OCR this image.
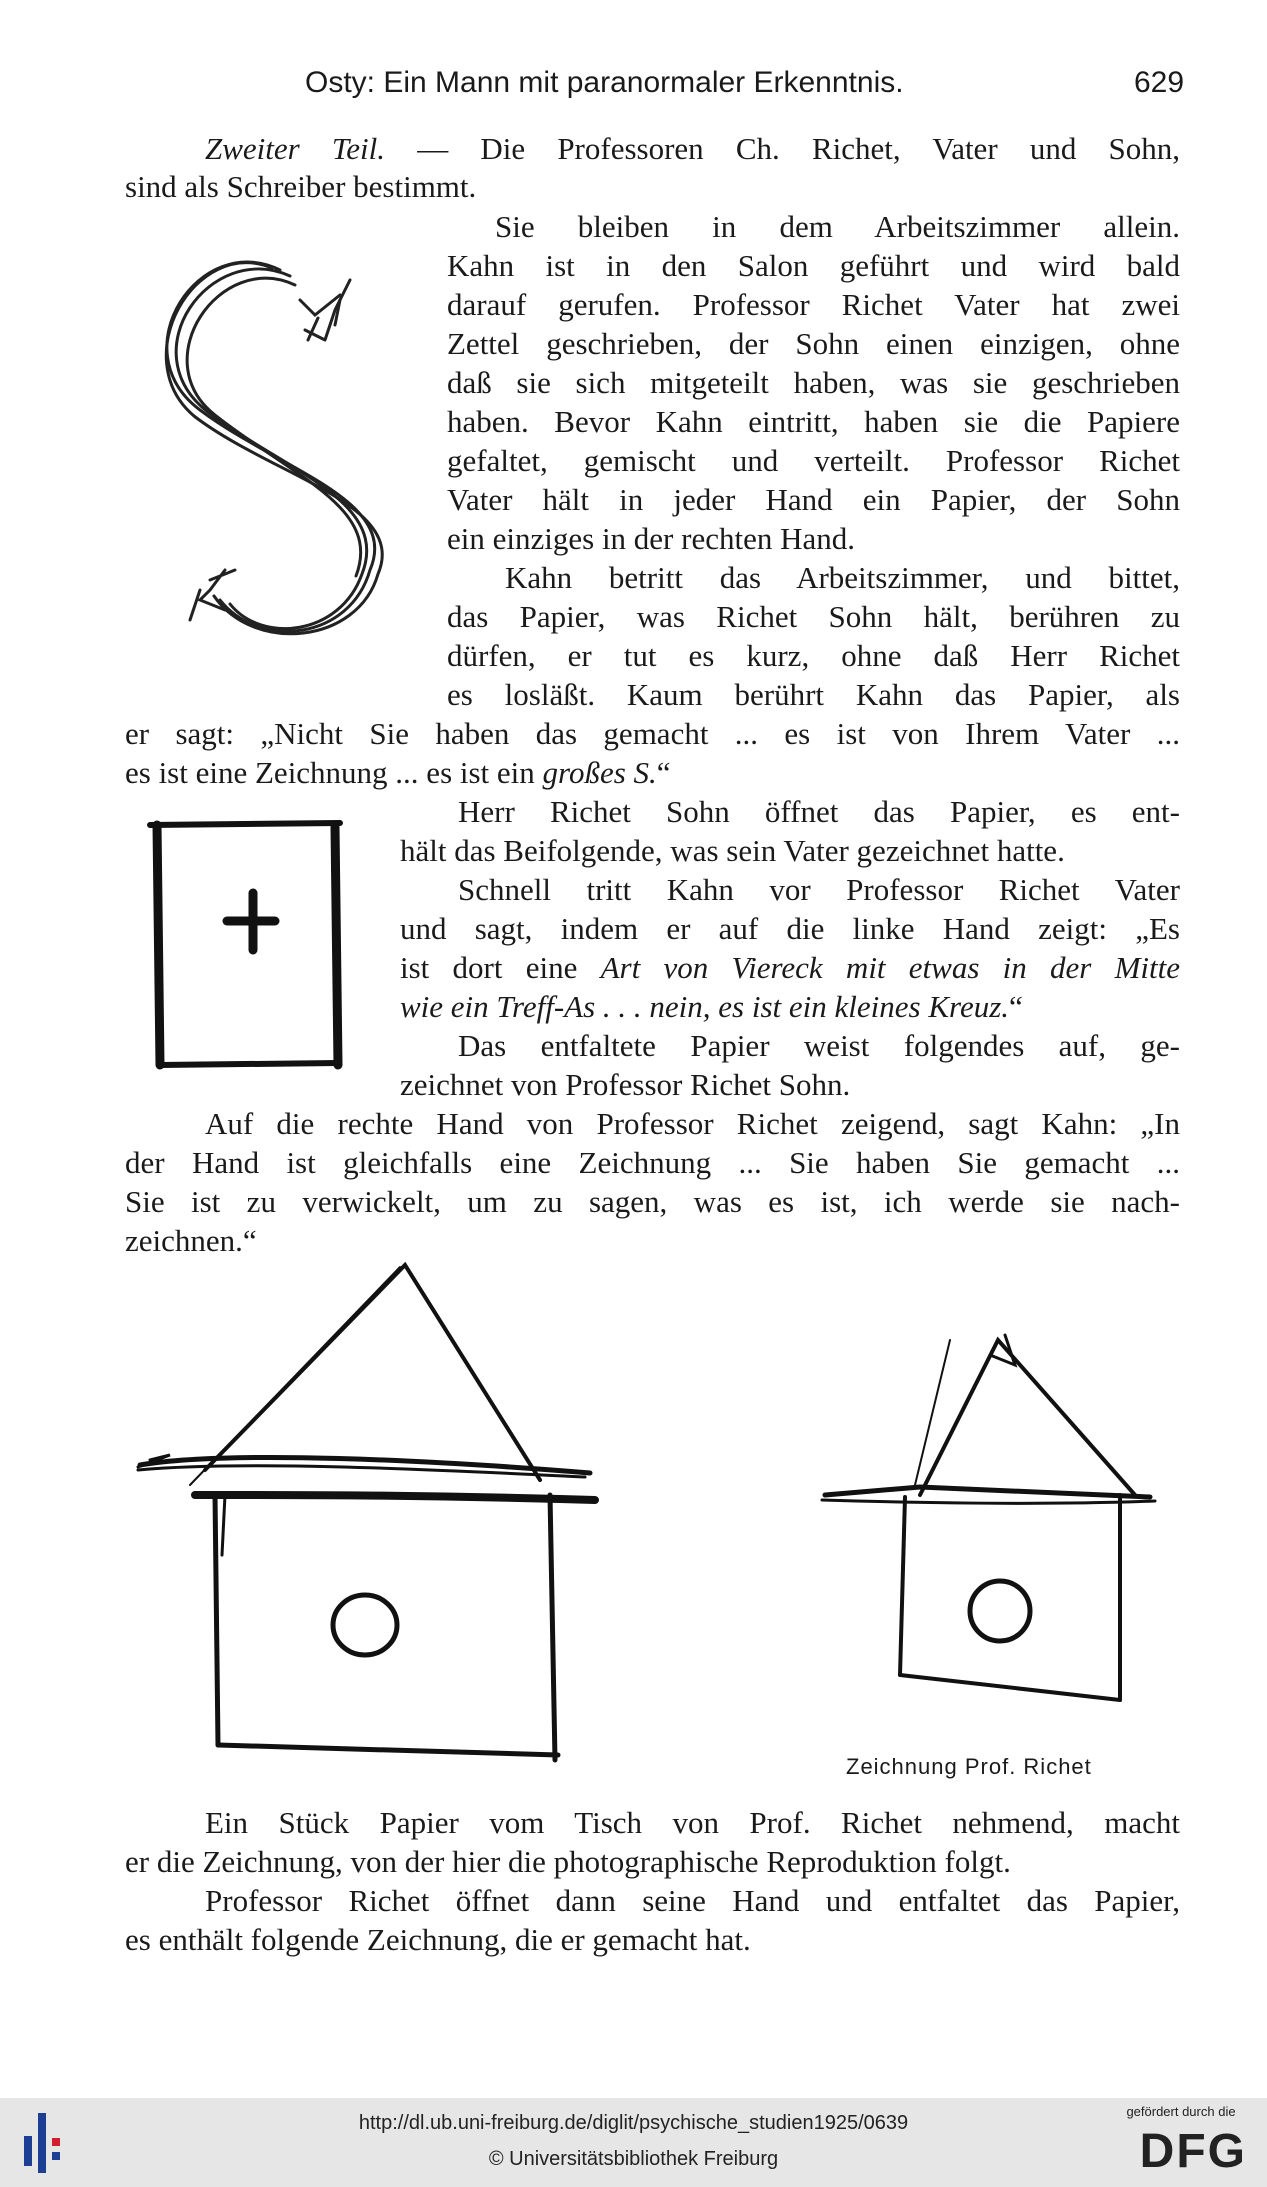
Osty: Ein Mann mit paranormaler Erkenntnis.	629
Zweiter Teil. — Die Professoren Ch. Richet, Vater und Sohn,
sind als Schreiber bestimmt.
Sie bleiben in dem Arbeitszimmer allein.
Kahn ist in den Salon geführt und wird bald
darauf gerufen. Professor Richet Vater hat zwei
Zettel geschrieben, der Sohn einen einzigen, ohne
daß sie sich mitgeteilt haben, was sie geschrieben
haben. Bevor Kahn eintritt, haben sie die Papiere
gefaltet, gemischt und verteilt. Professor Richet
Vater hält in jeder Hand ein Papier, der Sohn
ein einziges in der rechten Hand.
Kahn betritt das Arbeitszimmer, und bittet,
das Papier, was Richet Sohn hält, berühren zu
dürfen, er tut es kurz, ohne daß Herr Richet
es losläßt. Kaum berührt Kahn das Papier, als
er sagt: „Nicht Sie haben das gemacht ... es ist von Ihrem Vater ...
es ist eine Zeichnung ... es ist ein großes S.“
Herr Richet Sohn öffnet das Papier, es ent-
hält das Beifolgende, was sein Vater gezeichnet hatte.
Schnell tritt Kahn vor Professor Richet Vater
und sagt, indem er auf die linke Hand zeigt: „Es
ist dort eine Art von Viereck mit etwas in der Mitte
wie ein Treff-As . . . nein, es ist ein kleines Kreuz.“
Das entfaltete Papier weist folgendes auf, ge-
zeichnet von Professor Richet Sohn.
Auf die rechte Hand von Professor Richet zeigend, sagt Kahn: „In
der Hand ist gleichfalls eine Zeichnung ... Sie haben Sie gemacht ...
Sie ist zu verwickelt, um zu sagen, was es ist, ich werde sie nach-
zeichnen.“
Zeichnung Prof. Richet
Ein Stück Papier vom Tisch von Prof. Richet nehmend, macht
er die Zeichnung, von der hier die photographische Reproduktion folgt.
Professor Richet öffnet dann seine Hand und entfaltet das Papier,
es enthält folgende Zeichnung, die er gemacht hat.
http://dl.ub.uni-freiburg.de/diglit/psychische_studien1925/0639
© Universitätsbibliothek Freiburg
gefördert durch die
DFG
